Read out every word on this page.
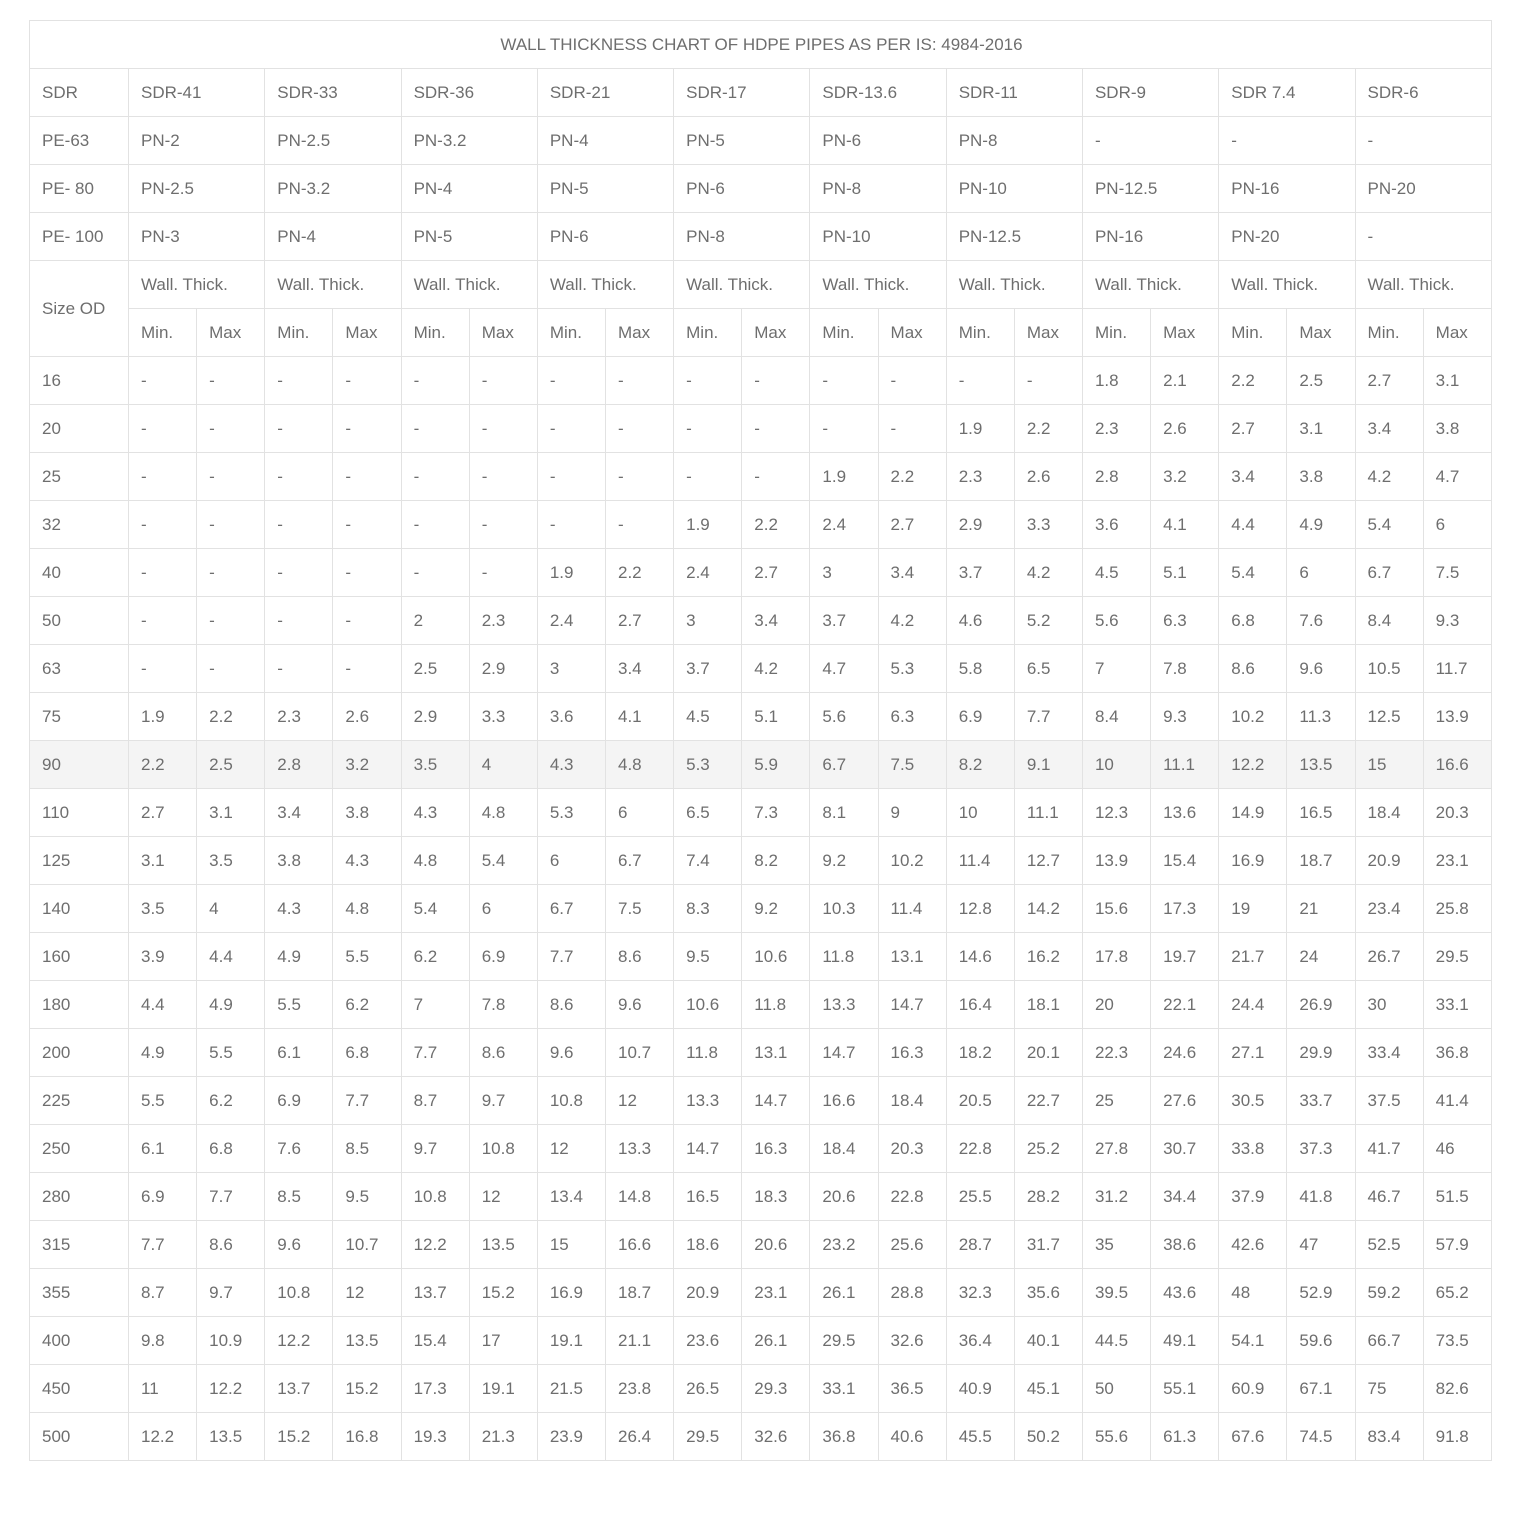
WALL THICKNESS CHART OF HDPE PIPES AS PER IS: 4984-2016																				
SDR	SDR-41		SDR-33		SDR-36		SDR-21		SDR-17		SDR-13.6		SDR-11		SDR-9		SDR 7.4		SDR-6	
PE-63	PN-2		PN-2.5		PN-3.2		PN-4		PN-5		PN-6		PN-8		-		-		-	
PE- 80	PN-2.5		PN-3.2		PN-4		PN-5		PN-6		PN-8		PN-10		PN-12.5		PN-16		PN-20	
PE- 100	PN-3		PN-4		PN-5		PN-6		PN-8		PN-10		PN-12.5		PN-16		PN-20		-	
Size OD	Wall. Thick.		Wall. Thick.		Wall. Thick.		Wall. Thick.		Wall. Thick.		Wall. Thick.		Wall. Thick.		Wall. Thick.		Wall. Thick.		Wall. Thick.	
	Min.	Max	Min.	Max	Min.	Max	Min.	Max	Min.	Max	Min.	Max	Min.	Max	Min.	Max	Min.	Max	Min.	Max
16	-	-	-	-	-	-	-	-	-	-	-	-	-	-	1.8	2.1	2.2	2.5	2.7	3.1
20	-	-	-	-	-	-	-	-	-	-	-	-	1.9	2.2	2.3	2.6	2.7	3.1	3.4	3.8
25	-	-	-	-	-	-	-	-	-	-	1.9	2.2	2.3	2.6	2.8	3.2	3.4	3.8	4.2	4.7
32	-	-	-	-	-	-	-	-	1.9	2.2	2.4	2.7	2.9	3.3	3.6	4.1	4.4	4.9	5.4	6
40	-	-	-	-	-	-	1.9	2.2	2.4	2.7	3	3.4	3.7	4.2	4.5	5.1	5.4	6	6.7	7.5
50	-	-	-	-	2	2.3	2.4	2.7	3	3.4	3.7	4.2	4.6	5.2	5.6	6.3	6.8	7.6	8.4	9.3
63	-	-	-	-	2.5	2.9	3	3.4	3.7	4.2	4.7	5.3	5.8	6.5	7	7.8	8.6	9.6	10.5	11.7
75	1.9	2.2	2.3	2.6	2.9	3.3	3.6	4.1	4.5	5.1	5.6	6.3	6.9	7.7	8.4	9.3	10.2	11.3	12.5	13.9
90	2.2	2.5	2.8	3.2	3.5	4	4.3	4.8	5.3	5.9	6.7	7.5	8.2	9.1	10	11.1	12.2	13.5	15	16.6
110	2.7	3.1	3.4	3.8	4.3	4.8	5.3	6	6.5	7.3	8.1	9	10	11.1	12.3	13.6	14.9	16.5	18.4	20.3
125	3.1	3.5	3.8	4.3	4.8	5.4	6	6.7	7.4	8.2	9.2	10.2	11.4	12.7	13.9	15.4	16.9	18.7	20.9	23.1
140	3.5	4	4.3	4.8	5.4	6	6.7	7.5	8.3	9.2	10.3	11.4	12.8	14.2	15.6	17.3	19	21	23.4	25.8
160	3.9	4.4	4.9	5.5	6.2	6.9	7.7	8.6	9.5	10.6	11.8	13.1	14.6	16.2	17.8	19.7	21.7	24	26.7	29.5
180	4.4	4.9	5.5	6.2	7	7.8	8.6	9.6	10.6	11.8	13.3	14.7	16.4	18.1	20	22.1	24.4	26.9	30	33.1
200	4.9	5.5	6.1	6.8	7.7	8.6	9.6	10.7	11.8	13.1	14.7	16.3	18.2	20.1	22.3	24.6	27.1	29.9	33.4	36.8
225	5.5	6.2	6.9	7.7	8.7	9.7	10.8	12	13.3	14.7	16.6	18.4	20.5	22.7	25	27.6	30.5	33.7	37.5	41.4
250	6.1	6.8	7.6	8.5	9.7	10.8	12	13.3	14.7	16.3	18.4	20.3	22.8	25.2	27.8	30.7	33.8	37.3	41.7	46
280	6.9	7.7	8.5	9.5	10.8	12	13.4	14.8	16.5	18.3	20.6	22.8	25.5	28.2	31.2	34.4	37.9	41.8	46.7	51.5
315	7.7	8.6	9.6	10.7	12.2	13.5	15	16.6	18.6	20.6	23.2	25.6	28.7	31.7	35	38.6	42.6	47	52.5	57.9
355	8.7	9.7	10.8	12	13.7	15.2	16.9	18.7	20.9	23.1	26.1	28.8	32.3	35.6	39.5	43.6	48	52.9	59.2	65.2
400	9.8	10.9	12.2	13.5	15.4	17	19.1	21.1	23.6	26.1	29.5	32.6	36.4	40.1	44.5	49.1	54.1	59.6	66.7	73.5
450	11	12.2	13.7	15.2	17.3	19.1	21.5	23.8	26.5	29.3	33.1	36.5	40.9	45.1	50	55.1	60.9	67.1	75	82.6
500	12.2	13.5	15.2	16.8	19.3	21.3	23.9	26.4	29.5	32.6	36.8	40.6	45.5	50.2	55.6	61.3	67.6	74.5	83.4	91.8
